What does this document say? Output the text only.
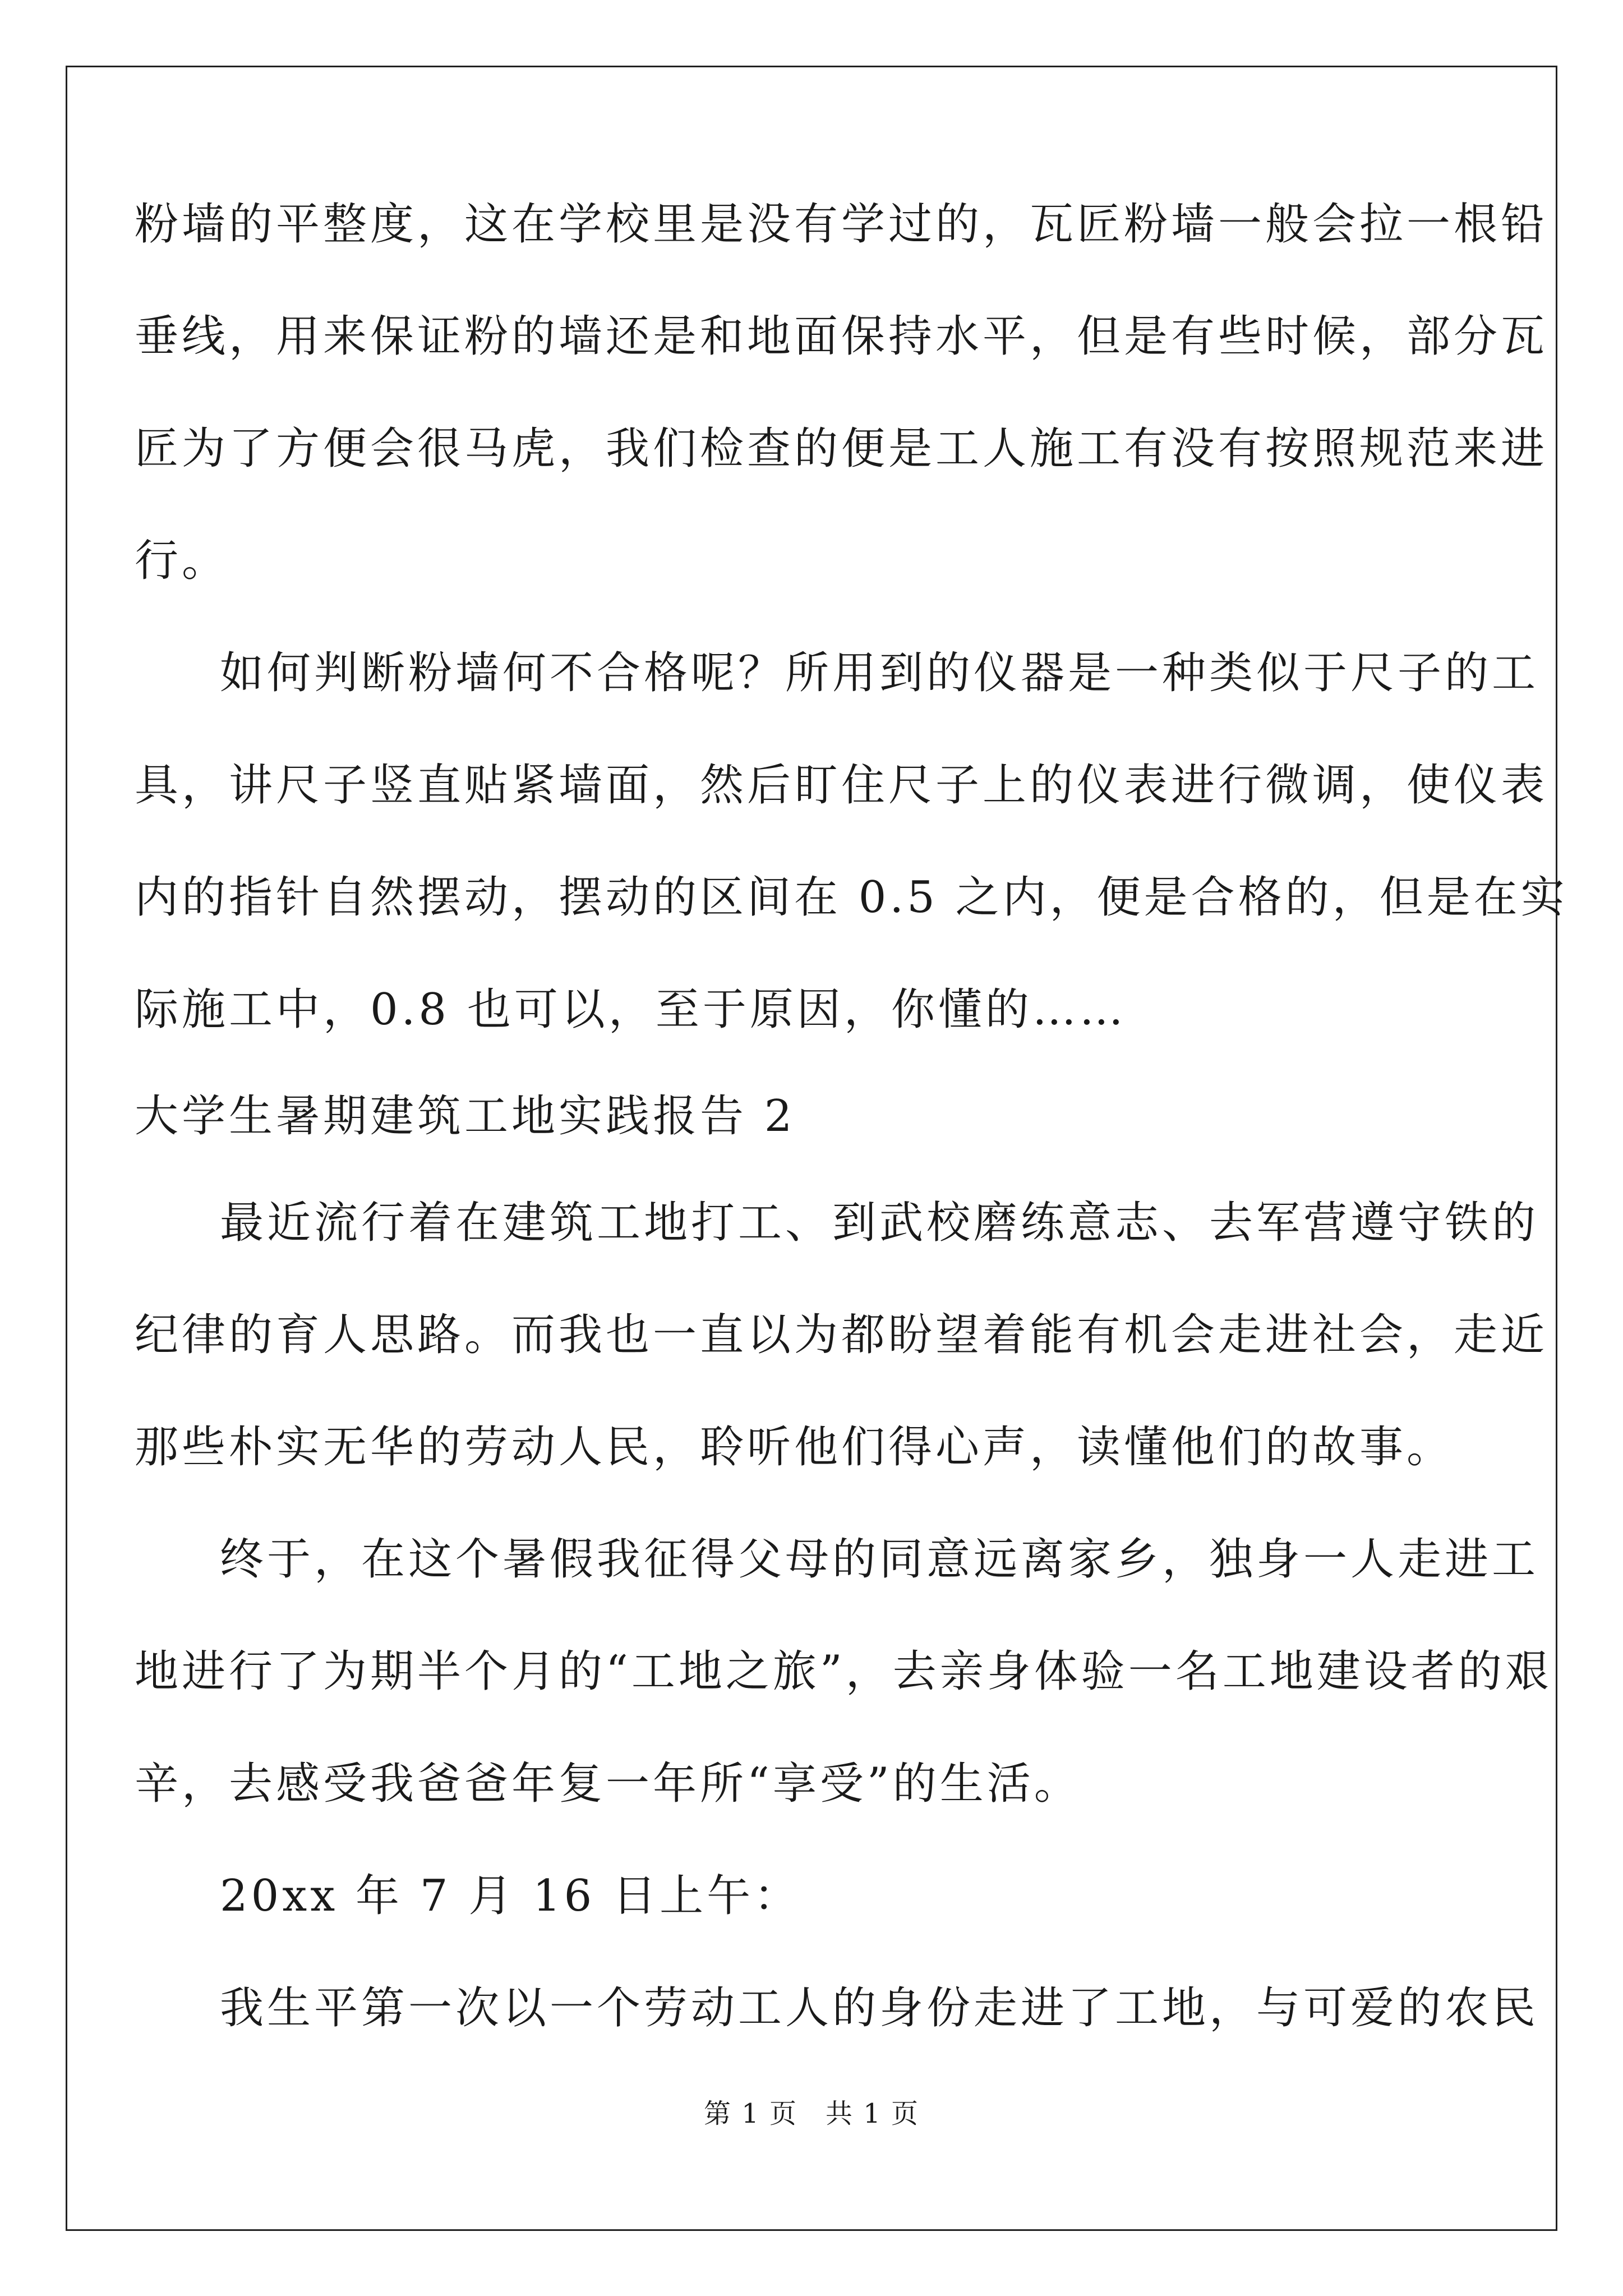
粉墙的平整度，这在学校里是没有学过的，瓦匠粉墙一般会拉一根铅
垂线，用来保证粉的墙还是和地面保持水平，但是有些时候，部分瓦
匠为了方便会很马虎，我们检查的便是工人施工有没有按照规范来进
行。
如何判断粉墙何不合格呢？所用到的仪器是一种类似于尺子的工
具，讲尺子竖直贴紧墙面，然后盯住尺子上的仪表进行微调，使仪表
内的指针自然摆动，摆动的区间在 0.5 之内，便是合格的，但是在实
际施工中，0.8 也可以，至于原因，你懂的……
大学生暑期建筑工地实践报告 2
最近流行着在建筑工地打工、到武校磨练意志、去军营遵守铁的
纪律的育人思路。而我也一直以为都盼望着能有机会走进社会，走近
那些朴实无华的劳动人民，聆听他们得心声，读懂他们的故事。
终于，在这个暑假我征得父母的同意远离家乡，独身一人走进工
地进行了为期半个月的“工地之旅”，去亲身体验一名工地建设者的艰
辛，去感受我爸爸年复一年所“享受”的生活。
20xx 年 7 月 16 日上午：
我生平第一次以一个劳动工人的身份走进了工地，与可爱的农民
第 1 页　共 1 页
